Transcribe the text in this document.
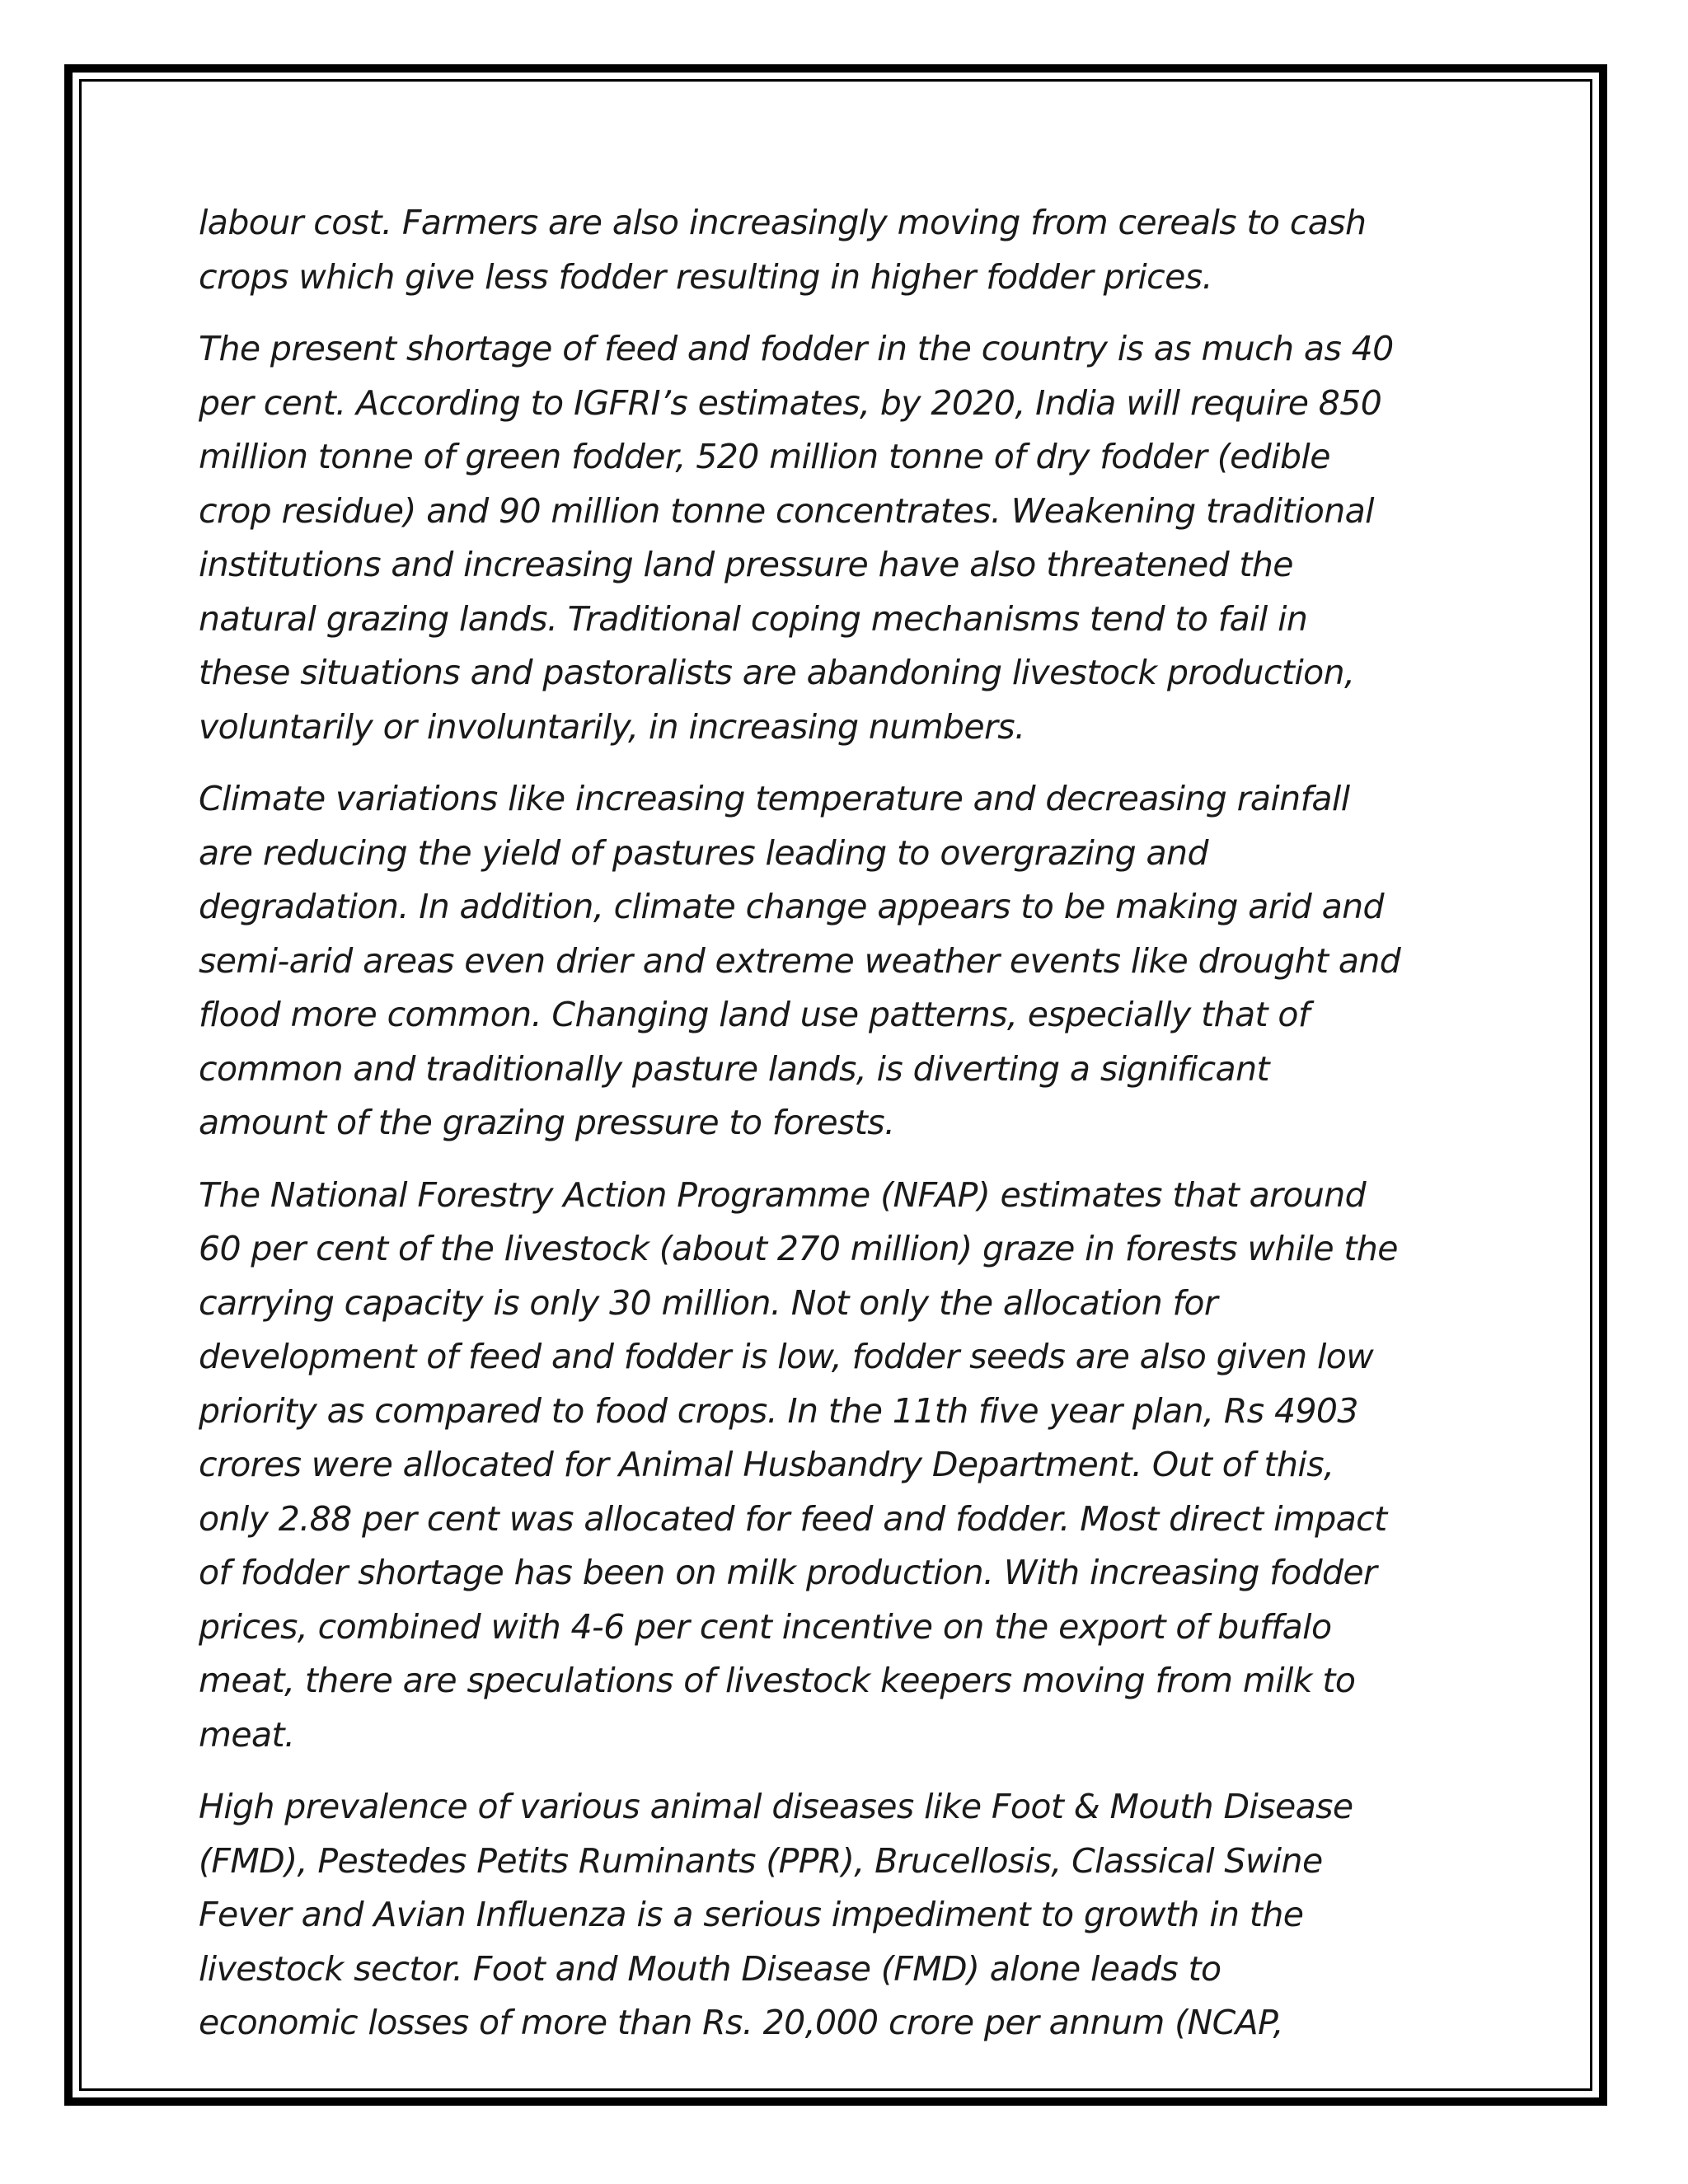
labour cost. Farmers are also increasingly moving from cereals to cash
crops which give less fodder resulting in higher fodder prices.

The present shortage of feed and fodder in the country is as much as 40
per cent. According to IGFRI’s estimates, by 2020, India will require 850
million tonne of green fodder, 520 million tonne of dry fodder (edible
crop residue) and 90 million tonne concentrates. Weakening traditional
institutions and increasing land pressure have also threatened the
natural grazing lands. Traditional coping mechanisms tend to fail in
these situations and pastoralists are abandoning livestock production,
voluntarily or involuntarily, in increasing numbers.

Climate variations like increasing temperature and decreasing rainfall
are reducing the yield of pastures leading to overgrazing and
degradation. In addition, climate change appears to be making arid and
semi-arid areas even drier and extreme weather events like drought and
flood more common. Changing land use patterns, especially that of
common and traditionally pasture lands, is diverting a significant
amount of the grazing pressure to forests.

The National Forestry Action Programme (NFAP) estimates that around
60 per cent of the livestock (about 270 million) graze in forests while the
carrying capacity is only 30 million. Not only the allocation for
development of feed and fodder is low, fodder seeds are also given low
priority as compared to food crops. In the 11th five year plan, Rs 4903
crores were allocated for Animal Husbandry Department. Out of this,
only 2.88 per cent was allocated for feed and fodder. Most direct impact
of fodder shortage has been on milk production. With increasing fodder
prices, combined with 4-6 per cent incentive on the export of buffalo
meat, there are speculations of livestock keepers moving from milk to
meat.

High prevalence of various animal diseases like Foot & Mouth Disease
(FMD), Pestedes Petits Ruminants (PPR), Brucellosis, Classical Swine
Fever and Avian Influenza is a serious impediment to growth in the
livestock sector. Foot and Mouth Disease (FMD) alone leads to
economic losses of more than Rs. 20,000 crore per annum (NCAP,
